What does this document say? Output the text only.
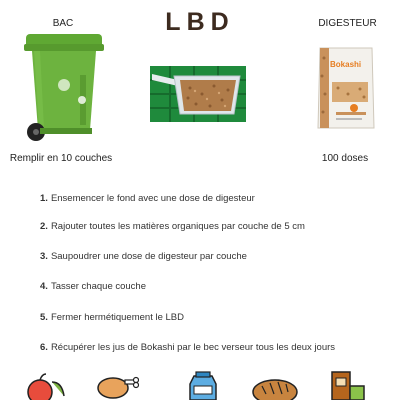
LBD
BAC	DIGESTEUR
Remplir en 10 couches
Bokashi
100 doses
1. Ensemencer le fond avec une dose de digesteur
2. Rajouter toutes les matières organiques par couche de 5 cm
3. Saupoudrer une dose de digesteur par couche
4. Tasser chaque couche
5. Fermer hermétiquement le LBD
6. Récupérer les jus de Bokashi par le bec verseur tous les deux jours
